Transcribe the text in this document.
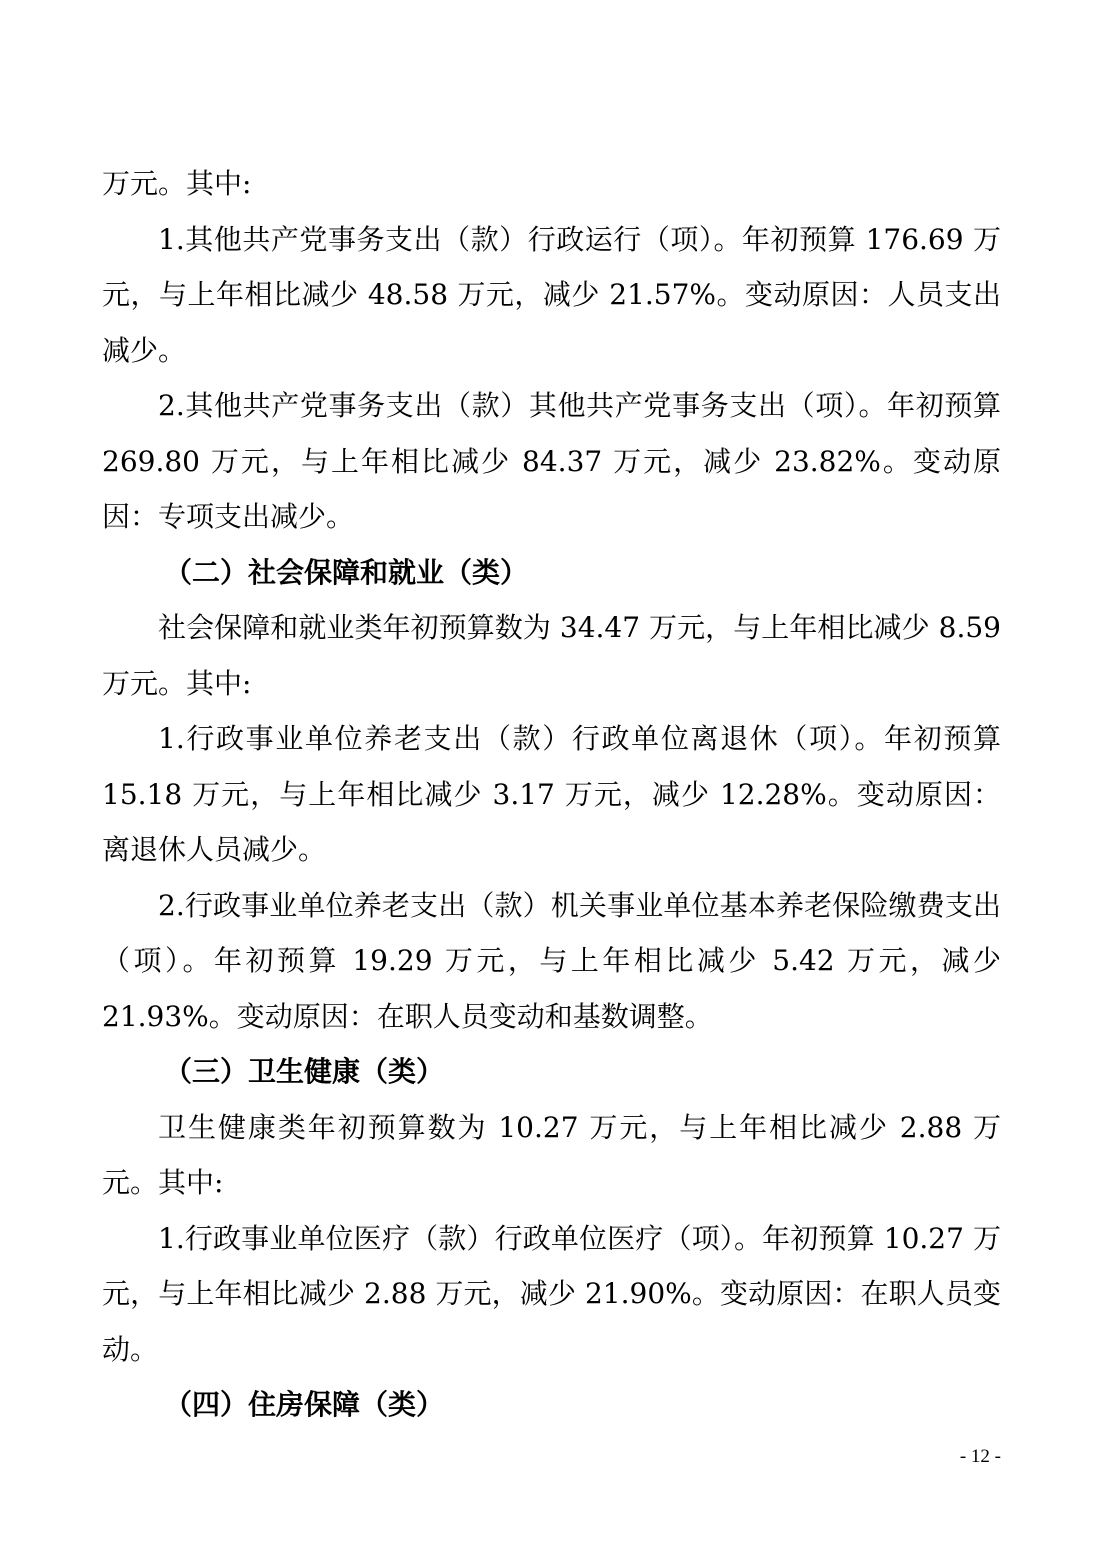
万元。其中:

1.其他共产党事务支出（款）行政运行（项）。年初预算 176.69 万元，与上年相比减少 48.58 万元，减少 21.57%。变动原因：人员支出减少。

2.其他共产党事务支出（款）其他共产党事务支出（项）。年初预算 269.80 万元，与上年相比减少 84.37 万元，减少 23.82%。变动原因：专项支出减少。

（二）社会保障和就业（类）

社会保障和就业类年初预算数为 34.47 万元，与上年相比减少 8.59 万元。其中:

1.行政事业单位养老支出（款）行政单位离退休（项）。年初预算 15.18 万元，与上年相比减少 3.17 万元，减少 12.28%。变动原因：离退休人员减少。

2.行政事业单位养老支出（款）机关事业单位基本养老保险缴费支出（项）。年初预算 19.29 万元，与上年相比减少 5.42 万元，减少 21.93%。变动原因：在职人员变动和基数调整。

（三）卫生健康（类）

卫生健康类年初预算数为 10.27 万元，与上年相比减少 2.88 万元。其中:

1.行政事业单位医疗（款）行政单位医疗（项）。年初预算 10.27 万元，与上年相比减少 2.88 万元，减少 21.90%。变动原因：在职人员变动。

（四）住房保障（类）

- 12 -
